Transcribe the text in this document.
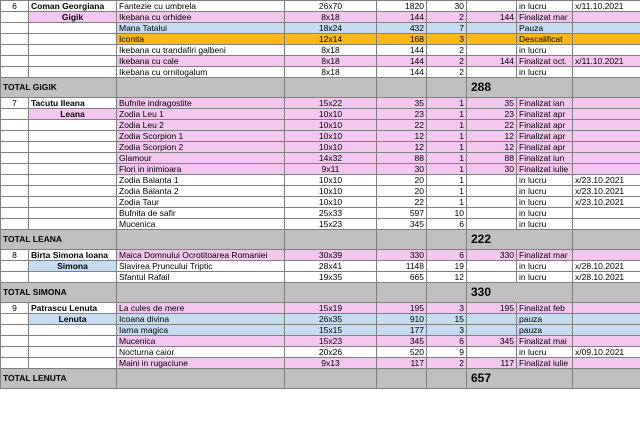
6	Coman Georgiana	Fantezie cu umbrela	26x70	1820	30		in lucru	x/11.10.2021
	Gigik	Ikebana cu orhidee	8x18	144	2	144	Finalizat mar	
		Mana Tatalui	18x24	432	7		Pauza	
		Iconita	12x14	168	3		Descalificat	
		Ikebana cu trandafiri galbeni	8x18	144	2		in lucru	
		Ikebana cu cale	8x18	144	2	144	Finalizat oct.	x/11.10.2021
		Ikebana cu ornitogalum	8x18	144	2		in lucru	
TOTAL GIGIK						288		
7	Tacutu Ileana	Bufnite indragostite	15x22	35	1	35	Finalizat ian	
	Leana	Zodia Leu 1	10x10	23	1	23	Finalizat apr	
		Zodia Leu 2	10x10	22	1	22	Finalizat apr	
		Zodia Scorpion 1	10x10	12	1	12	Finalizat apr	
		Zodia Scorpion 2	10x10	12	1	12	Finalizat apr	
		Glamour	14x32	88	1	88	Finalizat iun	
		Flori in inimioara	9x11	30	1	30	Finalizat iulie	
		Zodia Balanta 1	10x10	20	1		in lucru	x/23.10.2021
		Zodia Balanta 2	10x10	20	1		in lucru	x/23.10.2021
		Zodia Taur	10x10	22	1		in lucru	x/23.10.2021
		Bufnita de safir	25x33	597	10		in lucru	
		Mucenica	15x23	345	6		in lucru	
TOTAL LEANA						222		
8	Birta Simona Ioana	Maica Domnului Ocrotitoarea Romaniei	30x39	330	6	330	Finalizat mar	
	Simona	Slavirea Pruncului Triptic	28x41	1148	19		in lucru	x/28.10.2021
		Sfantul Rafail	19x35	665	12		in lucru	x/28.10.2021
TOTAL SIMONA						330		
9	Patrascu Lenuta	La cules de mere	15x19	195	3	195	Finalizat feb	
	Lenuta	Icoana divina	26x35	910	15		pauza	
		Iarna magica	15x15	177	3		pauza	
		Mucenica	15x23	345	6	345	Finalizat mai	
		Nocturna caior	20x26	520	9		in lucru	x/09.10.2021
		Maini in rugaciune	9x13	117	2	117	Finalizat iulie	
TOTAL LENUTA						657		
